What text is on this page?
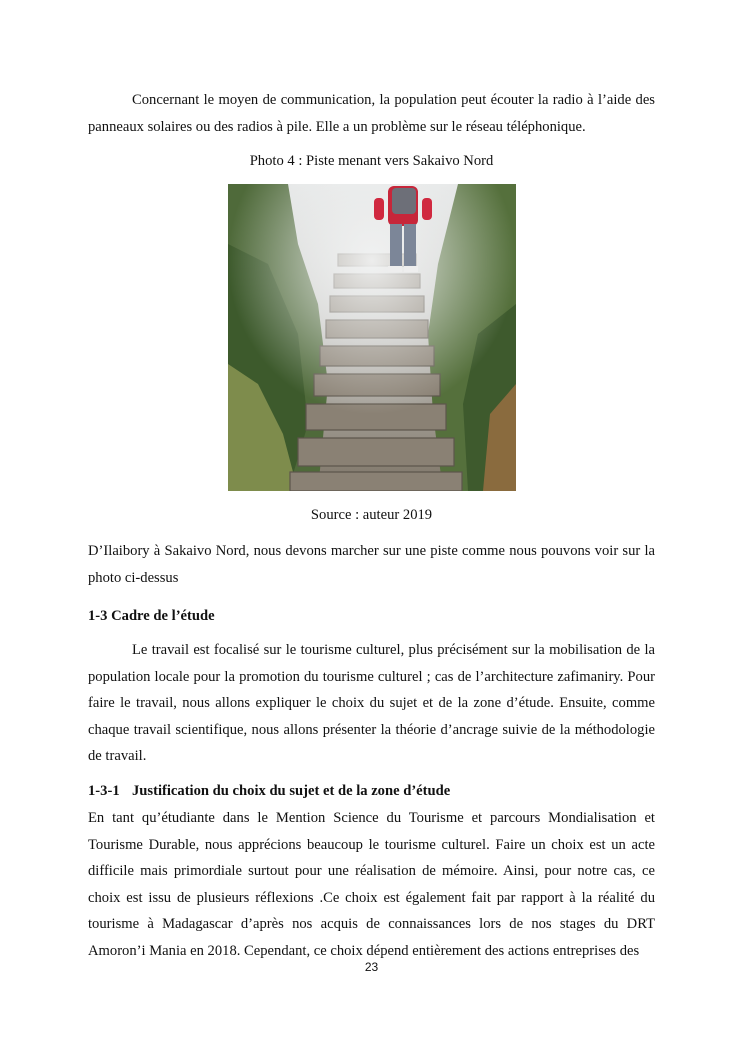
Concernant le moyen de communication, la population peut écouter la radio à l’aide des panneaux solaires ou des radios à pile. Elle a un problème sur le réseau téléphonique.

Photo 4 : Piste menant vers Sakaivo Nord

Source : auteur 2019

D’Ilaibory à Sakaivo Nord, nous devons marcher sur une piste comme nous pouvons voir sur la photo ci-dessus

1-3 Cadre de l’étude

Le travail est focalisé sur le tourisme culturel, plus précisément sur la mobilisation de la population locale pour la promotion du tourisme culturel ; cas de l’architecture zafimaniry. Pour faire le travail, nous allons expliquer le choix du sujet et de la zone d’étude. Ensuite, comme chaque travail scientifique, nous allons présenter la théorie d’ancrage suivie de la méthodologie de travail.

1-3-1 Justification du choix du sujet et de la zone d’étude

En tant qu’étudiante dans le Mention Science du Tourisme et parcours Mondialisation et Tourisme Durable, nous apprécions beaucoup le tourisme culturel. Faire un choix est un acte difficile mais primordiale surtout pour une réalisation de mémoire. Ainsi, pour notre cas, ce choix est issu de plusieurs réflexions .Ce choix est également fait par rapport à la réalité du tourisme à Madagascar d’après nos acquis de connaissances lors de nos stages du DRT Amoron’i Mania en 2018. Cependant, ce choix dépend entièrement des actions entreprises des

23
